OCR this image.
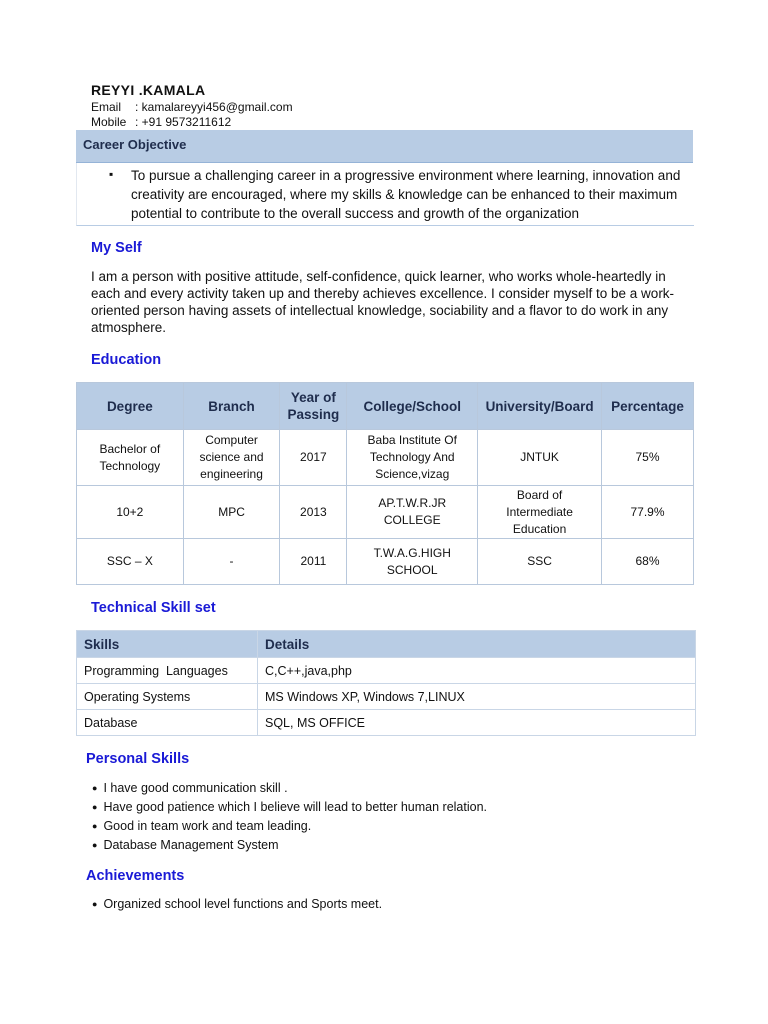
REYYI .KAMALA
Email : kamalareyyi456@gmail.com
Mobile : +91 9573211612
Career Objective
▪ To pursue a challenging career in a progressive environment where learning, innovation and creativity are encouraged, where my skills & knowledge can be enhanced to their maximum potential to contribute to the overall success and growth of the organization
My Self
I am a person with positive attitude, self-confidence, quick learner, who works whole-heartedly in each and every activity taken up and thereby achieves excellence. I consider myself to be a work-oriented person having assets of intellectual knowledge, sociability and a flavor to do work in any atmosphere.
Education
Degree	Branch	Year of Passing	College/School	University/Board	Percentage
Bachelor of Technology	Computer science and engineering	2017	Baba Institute Of Technology And Science,vizag	JNTUK	75%
10+2	MPC	2013	AP.T.W.R.JR COLLEGE	Board of Intermediate Education	77.9%
SSC – X	-	2011	T.W.A.G.HIGH SCHOOL	SSC	68%
Technical Skill set
Skills	Details
Programming  Languages	C,C++,java,php
Operating Systems	MS Windows XP, Windows 7,LINUX
Database	SQL, MS OFFICE
Personal Skills
● I have good communication skill .
● Have good patience which I believe will lead to better human relation.
● Good in team work and team leading.
● Database Management System
Achievements
● Organized school level functions and Sports meet.
